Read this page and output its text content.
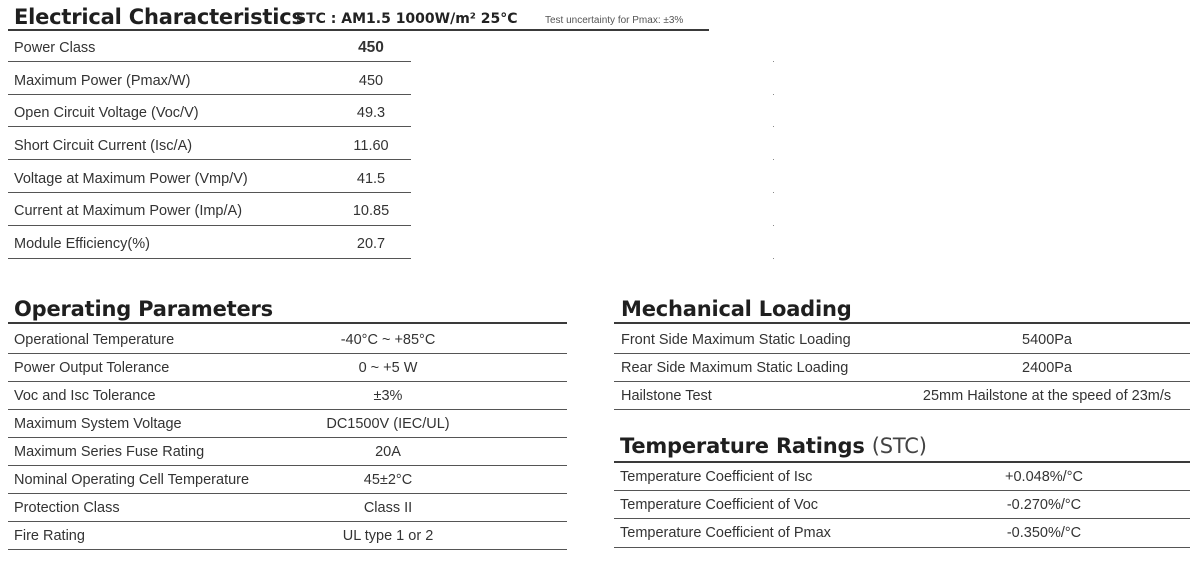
Electrical Characteristics
STC : AM1.5 1000W/m² 25°C	Test uncertainty for Pmax: ±3%
Power Class	450
Maximum Power (Pmax/W)	450
Open Circuit Voltage (Voc/V)	49.3
Short Circuit Current (Isc/A)	11.60
Voltage at Maximum Power (Vmp/V)	41.5
Current at Maximum Power (Imp/A)	10.85
Module Efficiency(%)	20.7
Operating Parameters
Operational Temperature	-40°C ~ +85°C
Power Output Tolerance	0 ~ +5 W
Voc and Isc Tolerance	±3%
Maximum System Voltage	DC1500V (IEC/UL)
Maximum Series Fuse Rating	20A
Nominal Operating Cell Temperature	45±2°C
Protection Class	Class II
Fire Rating	UL type 1 or 2
Mechanical Loading
Front Side Maximum Static Loading	5400Pa
Rear Side Maximum Static Loading	2400Pa
Hailstone Test	25mm Hailstone at the speed of 23m/s
Temperature Ratings (STC)
Temperature Coefficient of Isc	+0.048%/°C
Temperature Coefficient of Voc	-0.270%/°C
Temperature Coefficient of Pmax	-0.350%/°C
